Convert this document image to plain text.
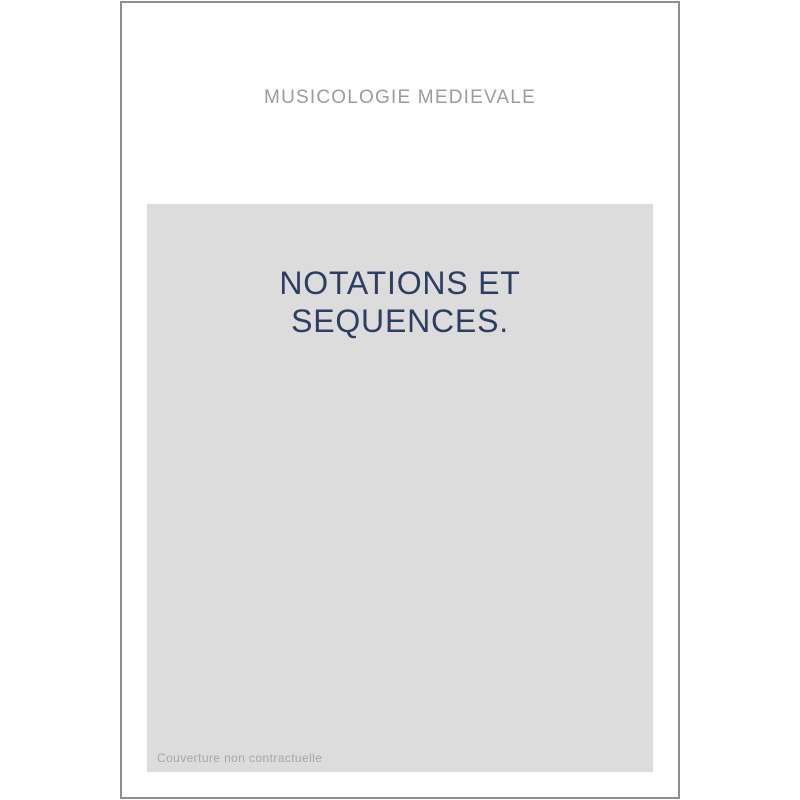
MUSICOLOGIE MEDIEVALE
NOTATIONS ET
SEQUENCES.
Couverture non contractuelle
